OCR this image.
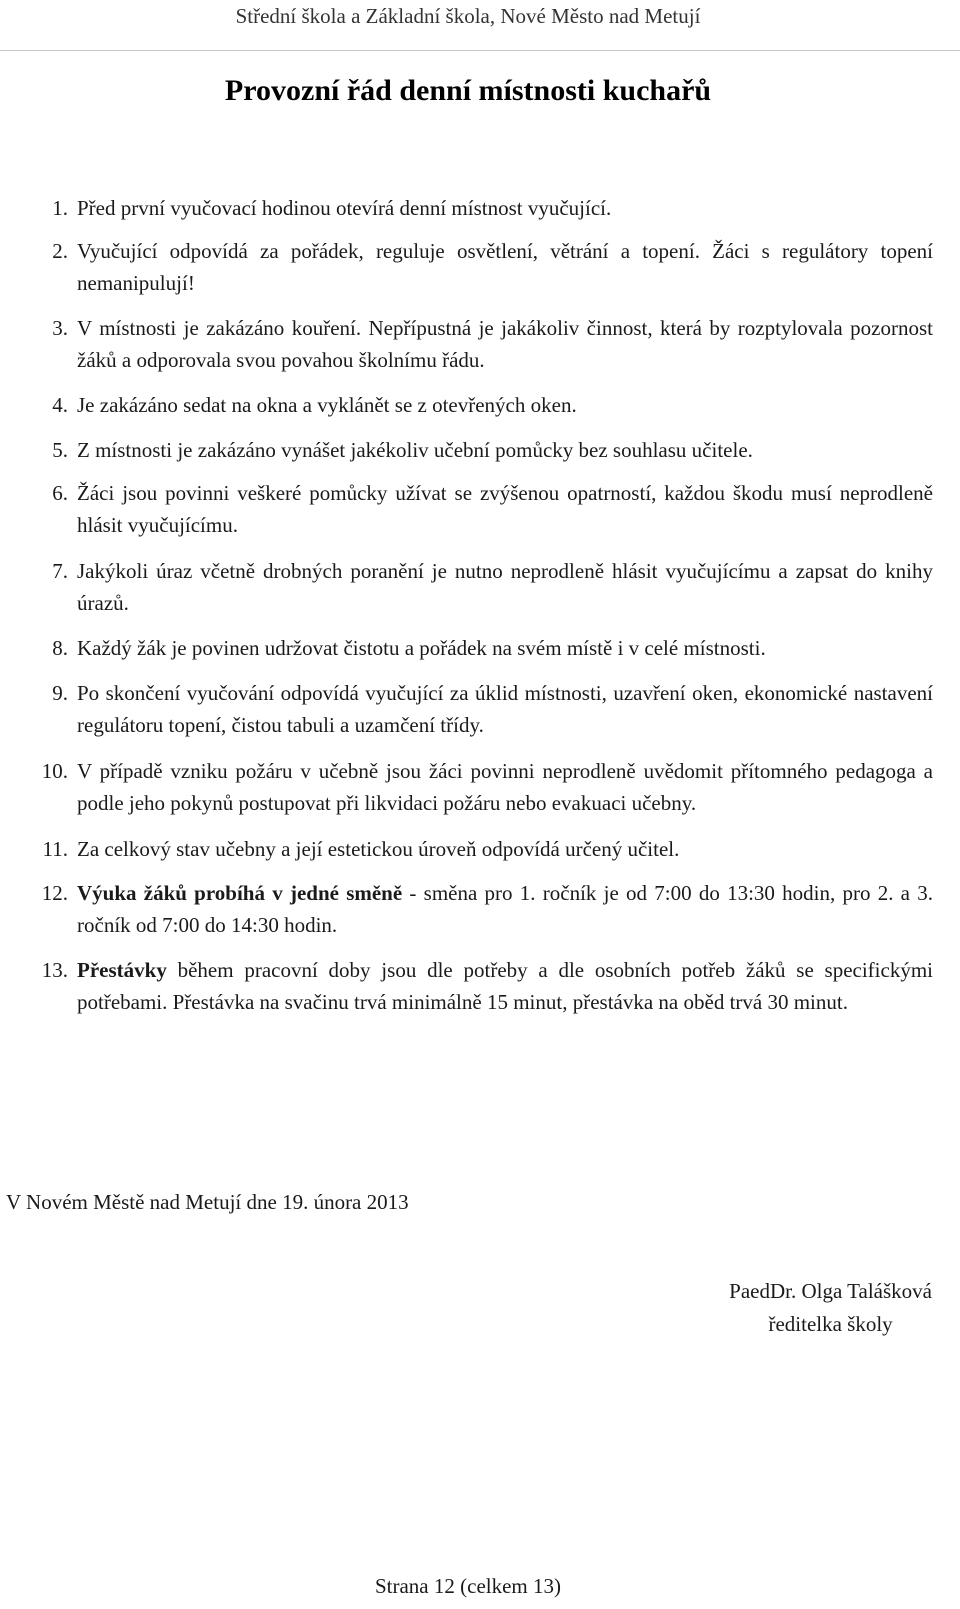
Střední škola a Základní škola, Nové Město nad Metují
Provozní řád denní místnosti kuchařů
1. Před první vyučovací hodinou otevírá denní místnost vyučující.
2. Vyučující odpovídá za pořádek, reguluje osvětlení, větrání a topení. Žáci s regulátory topení nemanipulují!
3. V místnosti je zakázáno kouření. Nepřípustná je jakákoliv činnost, která by rozptylovala pozornost žáků a odporovala svou povahou školnímu řádu.
4. Je zakázáno sedat na okna a vyklánět se z otevřených oken.
5. Z místnosti je zakázáno vynášet jakékoliv učební pomůcky bez souhlasu učitele.
6. Žáci jsou povinni veškeré pomůcky užívat se zvýšenou opatrností, každou škodu musí neprodleně hlásit vyučujícímu.
7. Jakýkoli úraz včetně drobných poranění je nutno neprodleně hlásit vyučujícímu a zapsat do knihy úrazů.
8. Každý žák je povinen udržovat čistotu a pořádek na svém místě i v celé místnosti.
9. Po skončení vyučování odpovídá vyučující za úklid místnosti, uzavření oken, ekonomické nastavení regulátoru topení, čistou tabuli a uzamčení třídy.
10. V případě vzniku požáru v učebně jsou žáci povinni neprodleně uvědomit přítomného pedagoga a podle jeho pokynů postupovat při likvidaci požáru nebo evakuaci učebny.
11. Za celkový stav učebny a její estetickou úroveň odpovídá určený učitel.
12. Výuka žáků probíhá v jedné směně - směna pro 1. ročník je od 7:00 do 13:30 hodin, pro 2. a 3. ročník od 7:00 do 14:30 hodin.
13. Přestávky během pracovní doby jsou dle potřeby a dle osobních potřeb žáků se specifickými potřebami. Přestávka na svačinu trvá minimálně 15 minut, přestávka na oběd trvá 30 minut.
V Novém Městě nad Metují dne 19. února 2013
PaedDr. Olga Talášková
ředitelka školy
Strana 12 (celkem 13)
